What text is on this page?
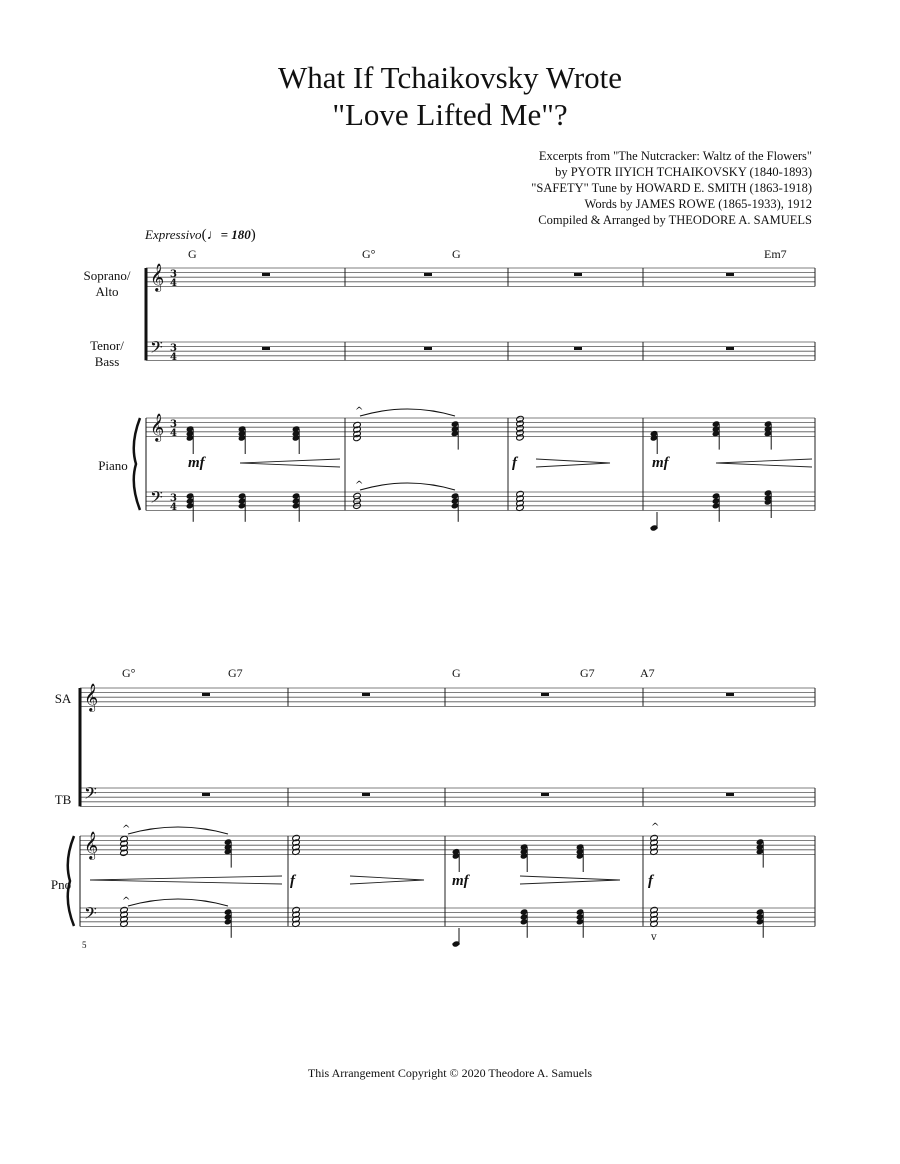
What If Tchaikovsky Wrote
"Love Lifted Me"?
Excerpts from "The Nutcracker: Waltz of the Flowers"
by PYOTR IIYICH TCHAIKOVSKY (1840-1893)
"SAFETY" Tune by HOWARD E. SMITH (1863-1918)
Words by JAMES ROWE (1865-1933), 1912
Compiled & Arranged by THEODORE A. SAMUELS
Expressivo(♩= 180)
G	G°	G	Em7
Soprano/
Alto
Tenor/
Bass
Piano	mf	f	mf
G°	G7	G	G7	A7
SA
TB
Pno	f	mf	f
5
This Arrangement Copyright © 2020 Theodore A. Samuels
𝄞
𝄢
𝄞
𝄢
3
4
3
4
3
4
3
4
^
^
𝄞
𝄢
𝄞
𝄢
^
^
^
v
